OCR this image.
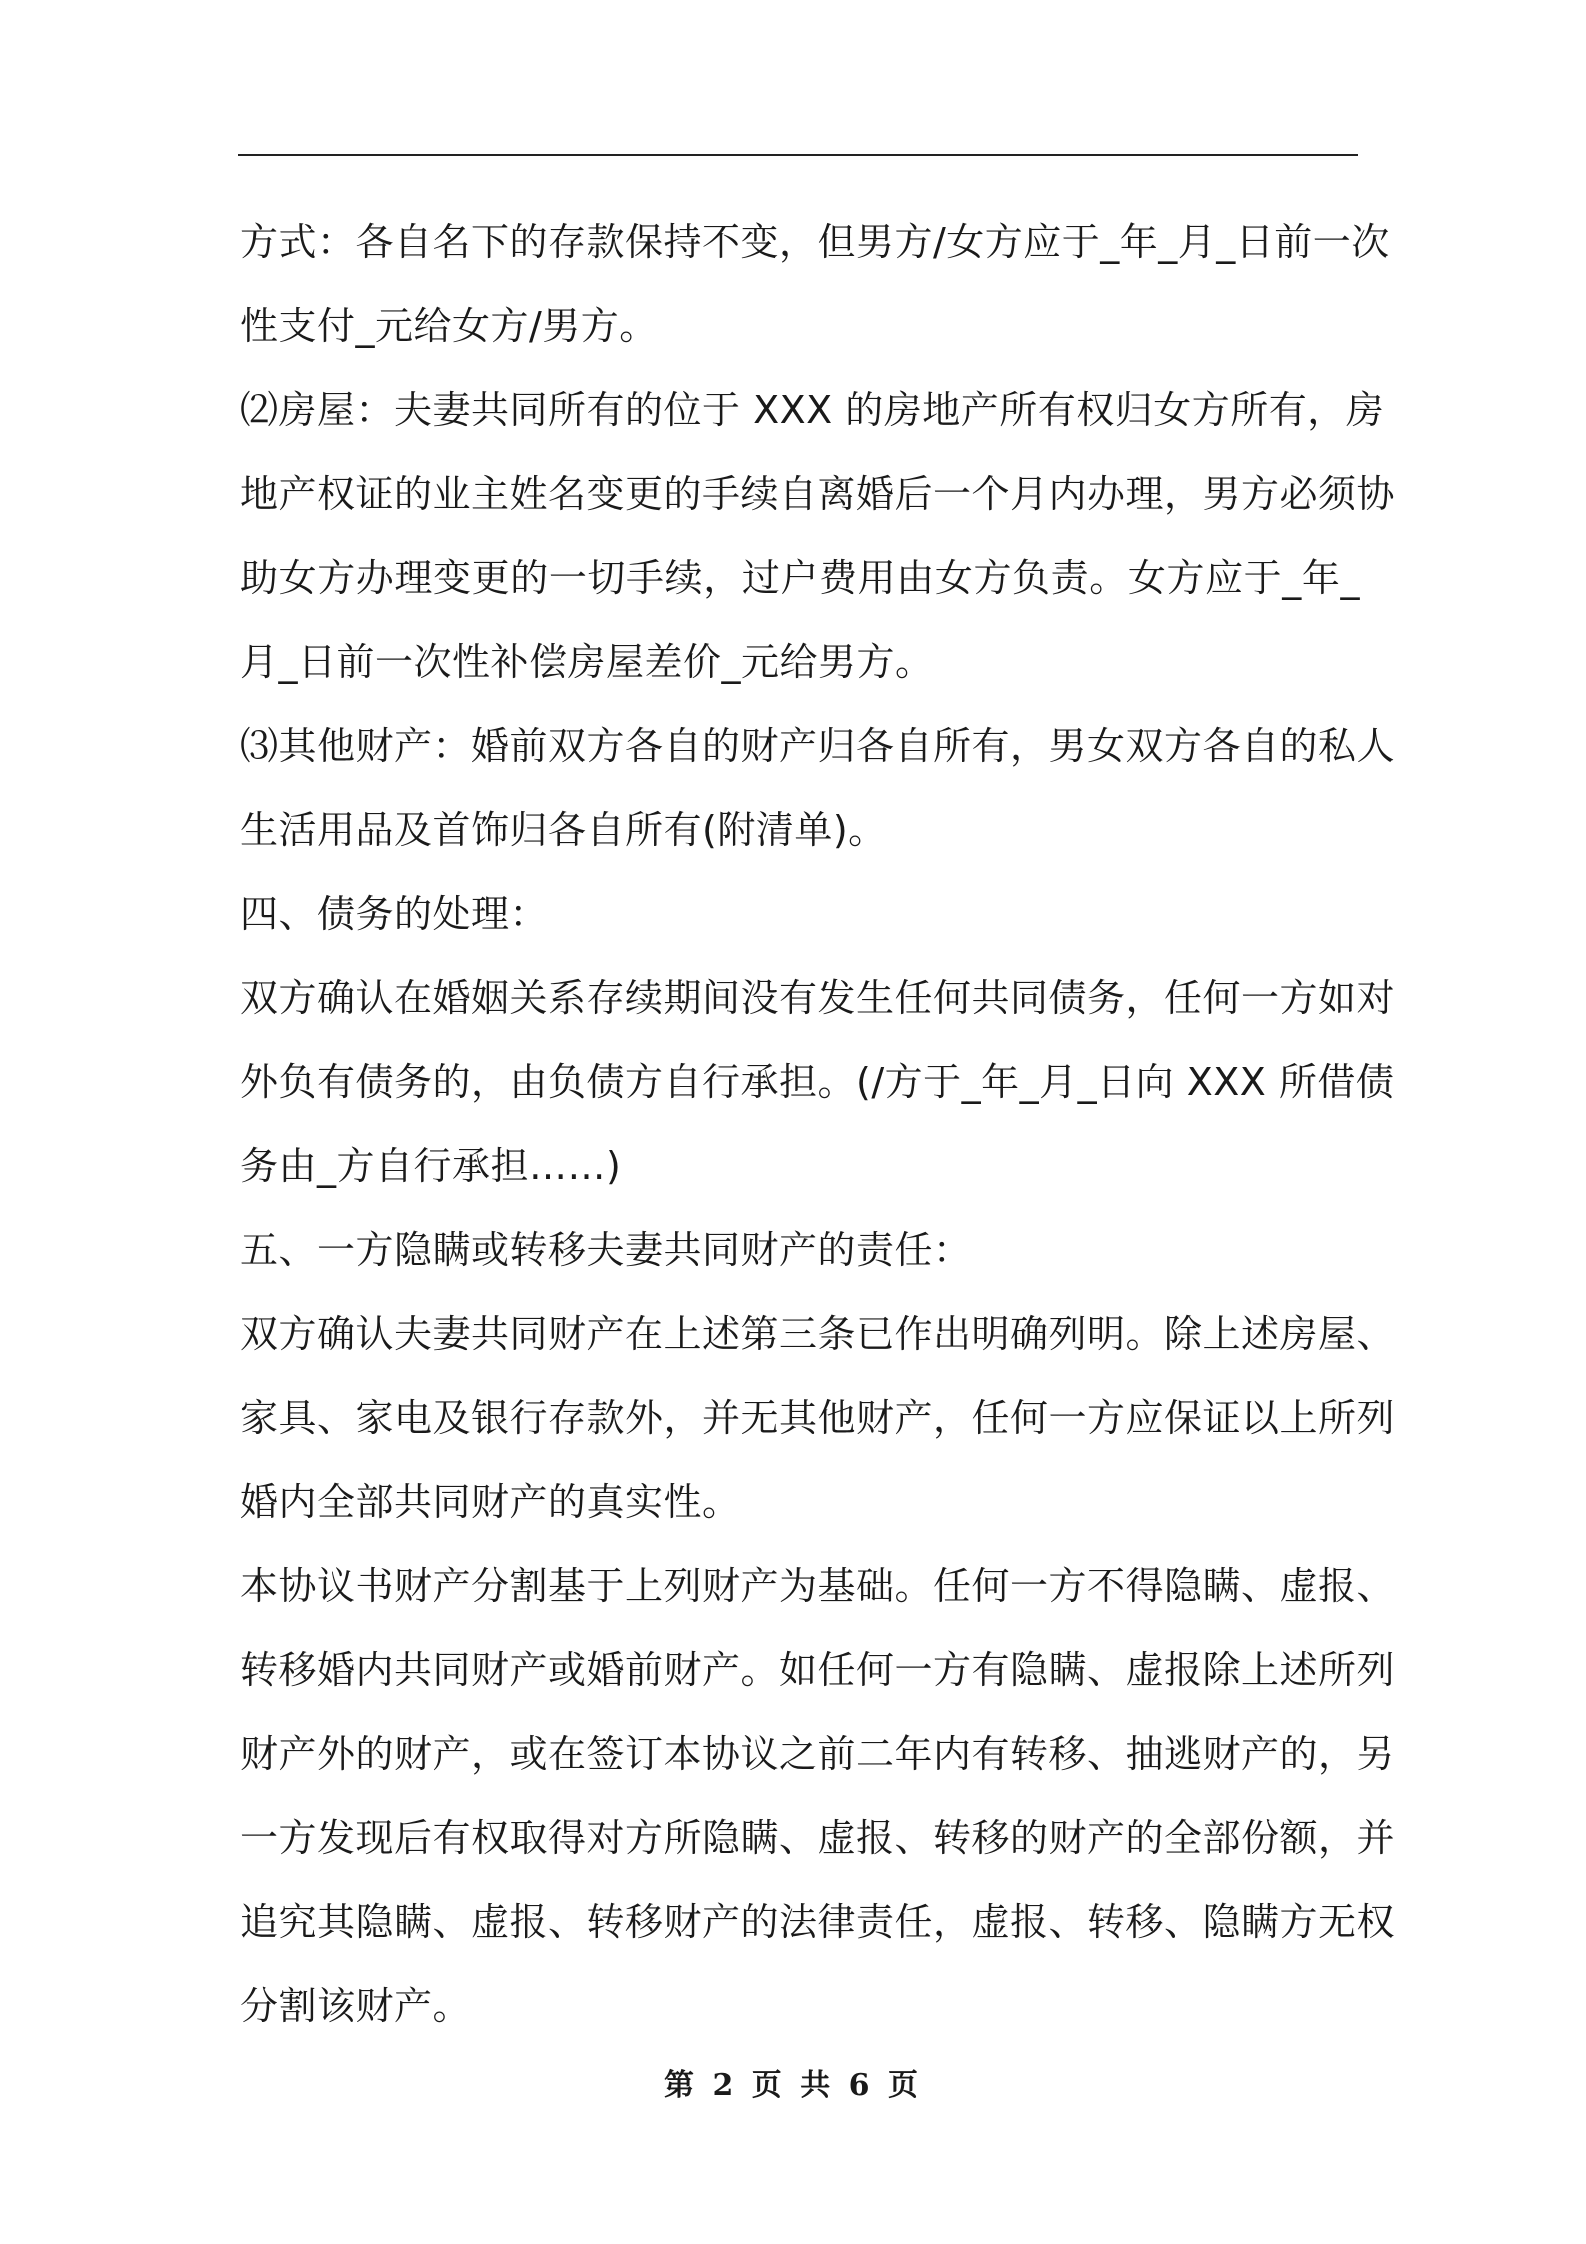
方式：各自名下的存款保持不变，但男方/女方应于_年_月_日前一次
性支付_元给女方/男方。
⑵房屋：夫妻共同所有的位于 XXX 的房地产所有权归女方所有，房
地产权证的业主姓名变更的手续自离婚后一个月内办理，男方必须协
助女方办理变更的一切手续，过户费用由女方负责。女方应于_年_
月_日前一次性补偿房屋差价_元给男方。
⑶其他财产：婚前双方各自的财产归各自所有，男女双方各自的私人
生活用品及首饰归各自所有(附清单)。
四、债务的处理：
双方确认在婚姻关系存续期间没有发生任何共同债务，任何一方如对
外负有债务的，由负债方自行承担。(/方于_年_月_日向 XXX 所借债
务由_方自行承担……)
五、一方隐瞒或转移夫妻共同财产的责任：
双方确认夫妻共同财产在上述第三条已作出明确列明。除上述房屋、
家具、家电及银行存款外，并无其他财产，任何一方应保证以上所列
婚内全部共同财产的真实性。
本协议书财产分割基于上列财产为基础。任何一方不得隐瞒、虚报、
转移婚内共同财产或婚前财产。如任何一方有隐瞒、虚报除上述所列
财产外的财产，或在签订本协议之前二年内有转移、抽逃财产的，另
一方发现后有权取得对方所隐瞒、虚报、转移的财产的全部份额，并
追究其隐瞒、虚报、转移财产的法律责任，虚报、转移、隐瞒方无权
分割该财产。
第 2 页 共 6 页
